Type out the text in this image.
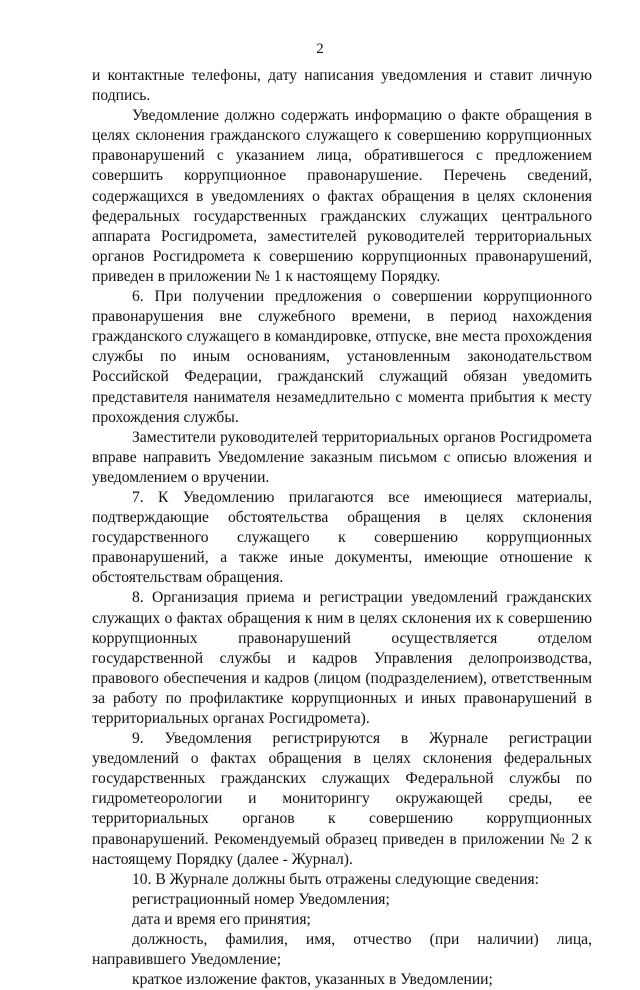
2

и контактные телефоны, дату написания уведомления и ставит личную подпись.

Уведомление должно содержать информацию о факте обращения в целях склонения гражданского служащего к совершению коррупционных правонарушений с указанием лица, обратившегося с предложением совершить коррупционное правонарушение. Перечень сведений, содержащихся в уведомлениях о фактах обращения в целях склонения федеральных государственных гражданских служащих центрального аппарата Росгидромета, заместителей руководителей территориальных органов Росгидромета к совершению коррупционных правонарушений, приведен в приложении № 1 к настоящему Порядку.

6. При получении предложения о совершении коррупционного правонарушения вне служебного времени, в период нахождения гражданского служащего в командировке, отпуске, вне места прохождения службы по иным основаниям, установленным законодательством Российской Федерации, гражданский служащий обязан уведомить представителя нанимателя незамедлительно с момента прибытия к месту прохождения службы.

Заместители руководителей территориальных органов Росгидромета вправе направить Уведомление заказным письмом с описью вложения и уведомлением о вручении.

7. К Уведомлению прилагаются все имеющиеся материалы, подтверждающие обстоятельства обращения в целях склонения государственного служащего к совершению коррупционных правонарушений, а также иные документы, имеющие отношение к обстоятельствам обращения.

8. Организация приема и регистрации уведомлений гражданских служащих о фактах обращения к ним в целях склонения их к совершению коррупционных правонарушений осуществляется отделом государственной службы и кадров Управления делопроизводства, правового обеспечения и кадров (лицом (подразделением), ответственным за работу по профилактике коррупционных и иных правонарушений в территориальных органах Росгидромета).

9. Уведомления регистрируются в Журнале регистрации уведомлений о фактах обращения в целях склонения федеральных государственных гражданских служащих Федеральной службы по гидрометеорологии и мониторингу окружающей среды, ее территориальных органов к совершению коррупционных правонарушений. Рекомендуемый образец приведен в приложении № 2 к настоящему Порядку (далее - Журнал).

10. В Журнале должны быть отражены следующие сведения:

регистрационный номер Уведомления;

дата и время его принятия;

должность, фамилия, имя, отчество (при наличии) лица, направившего Уведомление;

краткое изложение фактов, указанных в Уведомлении;
